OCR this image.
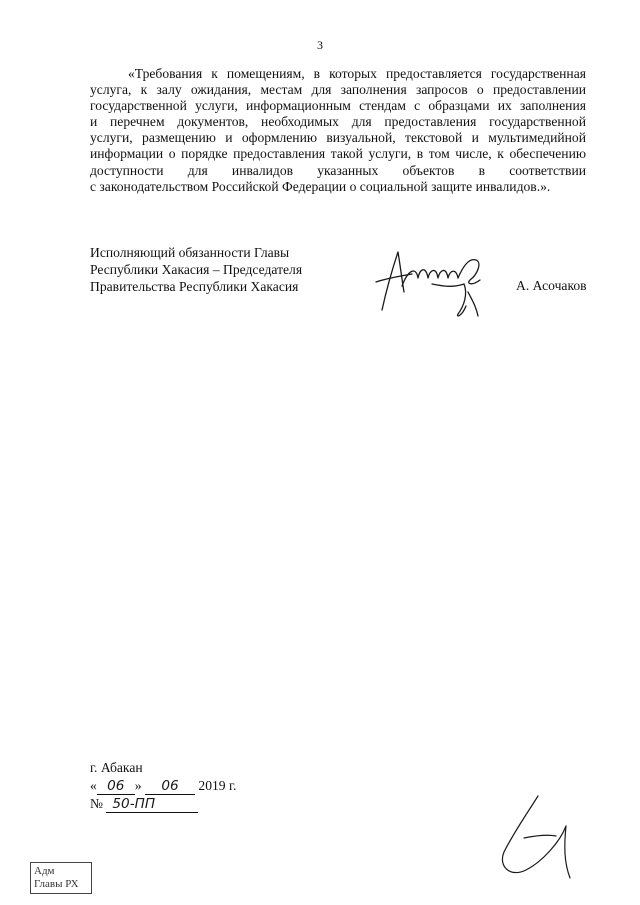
3
«Требования к помещениям, в которых предоставляется государственная
услуга, к залу ожидания, местам для заполнения запросов о предоставлении
государственной услуги, информационным стендам с образцами их заполнения
и перечнем документов, необходимых для предоставления государственной
услуги, размещению и оформлению визуальной, текстовой и мультимедийной
информации о порядке предоставления такой услуги, в том числе, к обеспечению
доступности для инвалидов указанных объектов в соответствии
с законодательством Российской Федерации о социальной защите инвалидов.».
Исполняющий обязанности Главы
Республики Хакасия – Председателя
Правительства Республики Хакасия	А. Асочаков
г. Абакан
« 06 » 06 2019 г.
№ 50-ПП
Адм
Главы РХ
